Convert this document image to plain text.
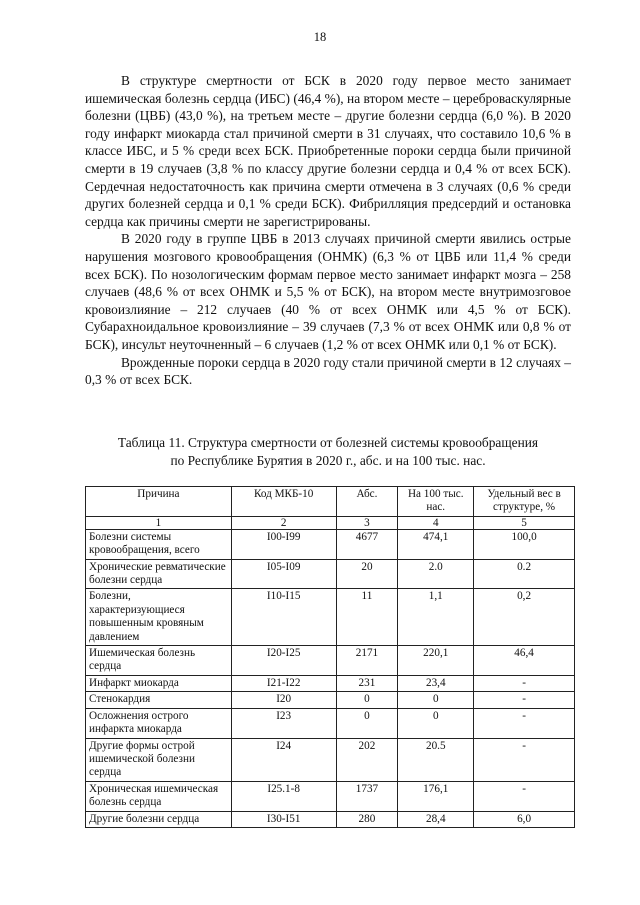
18

В структуре смертности от БСК в 2020 году первое место занимает ишемическая болезнь сердца (ИБС) (46,4 %), на втором месте – цереброваскулярные болезни (ЦВБ) (43,0 %), на третьем месте – другие болезни сердца (6,0 %). В 2020 году инфаркт миокарда стал причиной смерти в 31 случаях, что составило 10,6 % в классе ИБС, и 5 % среди всех БСК. Приобретенные пороки сердца были причиной смерти в 19 случаев (3,8 % по классу другие болезни сердца и 0,4 % от всех БСК). Сердечная недостаточность как причина смерти отмечена в 3 случаях (0,6 % среди других болезней сердца и 0,1 % среди БСК). Фибрилляция предсердий и остановка сердца как причины смерти не зарегистрированы.

В 2020 году в группе ЦВБ в 2013 случаях причиной смерти явились острые нарушения мозгового кровообращения (ОНМК) (6,3 % от ЦВБ или 11,4 % среди всех БСК). По нозологическим формам первое место занимает инфаркт мозга – 258 случаев (48,6 % от всех ОНМК и 5,5 % от БСК), на втором месте внутримозговое кровоизлияние – 212 случаев (40 % от всех ОНМК или 4,5 % от БСК). Субарахноидальное кровоизлияние – 39 случаев (7,3 % от всех ОНМК или 0,8 % от БСК), инсульт неуточненный – 6 случаев (1,2 % от всех ОНМК или 0,1 % от БСК).

Врожденные пороки сердца в 2020 году стали причиной смерти в 12 случаях – 0,3 % от всех БСК.

Таблица 11. Структура смертности от болезней системы кровообращения
по Республике Бурятия в 2020 г., абс. и на 100 тыс. нас.
Причина	Код МКБ-10	Абс.	На 100 тыс. нас.	Удельный вес в структуре, %
1	2	3	4	5
Болезни системы кровообращения, всего	I00-I99	4677	474,1	100,0
Хронические ревматические болезни сердца	I05-I09	20	2.0	0.2
Болезни, характеризующиеся повышенным кровяным давлением	I10-I15	11	1,1	0,2
Ишемическая болезнь сердца	I20-I25	2171	220,1	46,4
Инфаркт миокарда	I21-I22	231	23,4	-
Стенокардия	I20	0	0	-
Осложнения острого инфаркта миокарда	I23	0	0	-
Другие формы острой ишемической болезни сердца	I24	202	20.5	-
Хроническая ишемическая болезнь сердца	I25.1-8	1737	176,1	-
Другие болезни сердца	I30-I51	280	28,4	6,0
